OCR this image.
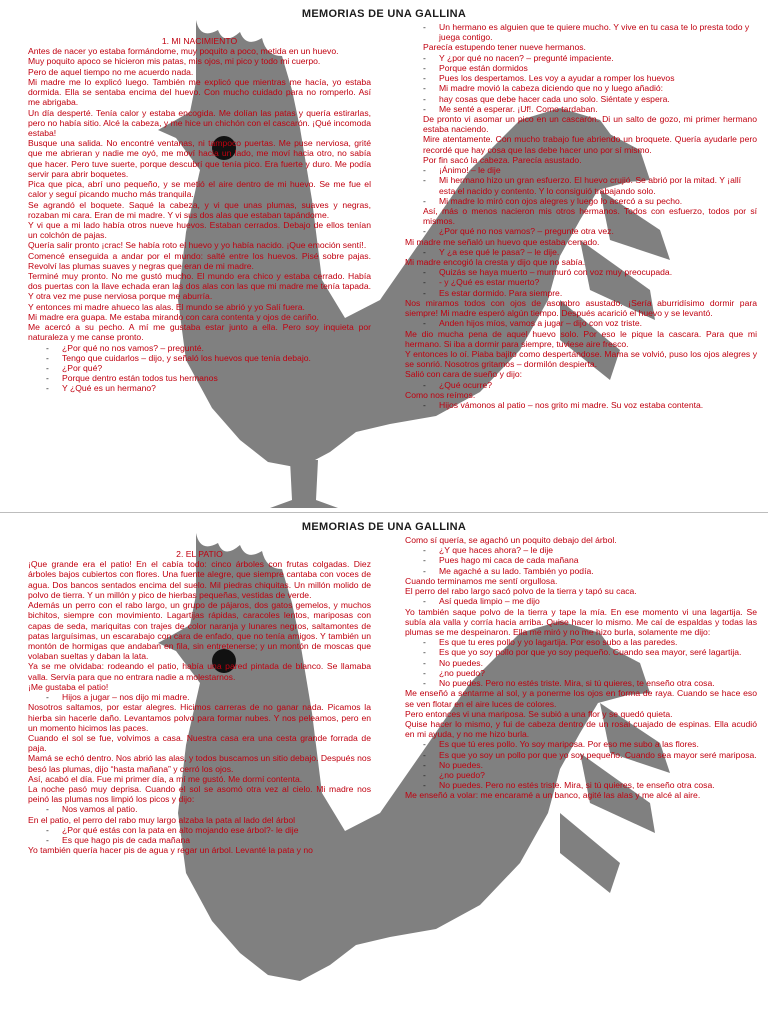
MEMORIAS DE UNA GALLINA

1. MI NACIMIENTO

Antes de nacer yo estaba formándome, muy poquito a poco, metida en un huevo.

Muy poquito apoco se hicieron mis patas, mis ojos, mi pico y todo mi cuerpo.

Pero de aquel tiempo no me acuerdo nada.

Mi madre me lo explicó luego. También me explicó que mientras me hacía, yo estaba dormida. Ella se sentaba encima del huevo. Con mucho cuidado para no romperlo. Así me abrigaba.

Un día desperté. Tenía calor y estaba encogida. Me dolían las patas y quería estirarlas, pero no había sitio. Alcé la cabeza, y me hice un chichón con el cascarón. ¡Qué incomoda estaba!

Busque una salida. No encontré ventanas, ni tampoco puertas. Me puse nerviosa, grité que me abrieran y nadie me oyó, me moví hacia un lado, me moví hacia otro, no sabía que hacer. Pero tuve suerte, porque descubrí que tenía pico. Era fuerte y duro. Me podía servir para abrir boquetes.

Pica que pica, abrí uno pequeño, y se metió el aire dentro de mi huevo. Se me fue el calor y seguí picando mucho más tranquila.

Se agrandó el boquete. Saqué la cabeza, y vi que unas plumas, suaves y negras, rozaban mi cara. Eran de mi madre. Y vi sus dos alas que estaban tapándome.

Y vi que a mi lado había otros nueve huevos. Estaban cerrados. Debajo de ellos tenían un colchón de pajas.

Quería salir pronto ¡crac! Se había roto el huevo y yo había nacido. ¡Que emoción sentí!.

Comencé enseguida a andar por el mundo: salté entre los huevos. Pisé sobre pajas. Revolví las plumas suaves y negras que eran de mi madre.

Terminé muy pronto. No me gustó mucho. El mundo era chico y estaba cerrado. Había dos puertas con la llave echada eran las dos alas con las que mi madre me tenía tapada. Y otra vez me puse nerviosa porque me aburría.

Y entonces mi madre ahueco las alas. El mundo se abrió y yo Salí fuera.

Mi madre era guapa. Me estaba mirando con cara contenta y ojos de cariño.

Me acercó a su pecho. A mí me gustaba estar junto a ella. Pero soy inquieta por naturaleza y me canse pronto.

- ¿Por qué no nos vamos? – pregunté.

- Tengo que cuidarlos – dijo, y señaló los huevos que tenía debajo.

- ¿Por qué?

- Porque dentro están todos tus hermanos

- Y ¿Qué es un hermano?

- Un hermano es alguien que te quiere mucho. Y vive en tu casa te lo presta todo y juega contigo.

Parecía estupendo tener nueve hermanos.

- Y ¿por qué no nacen? – pregunté impaciente.

- Porque están dormidos

- Pues los despertamos. Les voy a ayudar a romper los huevos

- Mi madre movió la cabeza diciendo que no y luego añadió:

- hay cosas que debe hacer cada uno solo. Siéntate y espera.

- Me senté a esperar. ¡Uf!. Como tardaban.

De pronto vi asomar un pico en un cascarón. Di un salto de gozo, mi primer hermano estaba naciendo.

Mire atentamente. Con mucho trabajo fue abriendo un broquete. Quería ayudarle pero recordé que hay cosa que las debe hacer uno por sí mismo.

Por fin sacó la cabeza. Parecía asustado.

- ¡Ánimo! – le dije

- Mi hermano hizo un gran esfuerzo. El huevo crujió. Se abrió por la mitad. Y ¡allí esta el nacido y contento. Y lo consiguió trabajando solo.

- Mi madre lo miró con ojos alegres y luego lo acercó a su pecho.

Así, más o menos nacieron mis otros hermanos. Todos con esfuerzo, todos por sí mismos.

- ¿Por qué no nos vamos? – pregunte otra vez.

Mi madre me señaló un huevo que estaba cerrado.

- Y ¿a ese qué le pasa? – le dije.

Mi madre encogió la cresta y dijo que no sabía.

- Quizás se haya muerto – murmuró con voz muy preocupada.

- - y ¿Qué es estar muerto?

- Es estar dormido. Para siempre.

Nos miramos todos con ojos de asombro asustado. ¡Sería aburridísimo dormir para siempre! Mi madre esperó algún tiempo. Después acarició el huevo y se levantó.

- Anden hijos míos, vamos a jugar – dijo con voz triste.

Me dio mucha pena de aquel huevo solo. Por eso le pique la cascara. Para que mi hermano. Si iba a dormir para siempre, tuviese aire fresco.

Y entonces lo oí. Piaba bajito como despertándose. Mama se volvió, puso los ojos alegres y se sonrió. Nosotros gritamos – dormilón despierta.

Salió con cara de sueño y dijo:

- ¿Qué ocurre?

Como nos reímos.

- Hijos vámonos al patio – nos grito mi madre. Su voz estaba contenta.

MEMORIAS DE UNA GALLINA

2. EL PATIO

¡Que grande era el patio! En el cabía todo: cinco árboles con frutas colgadas. Diez árboles bajos cubiertos con flores. Una fuente alegre, que siempre cantaba con voces de agua. Dos bancos sentados encima del suelo. Mil piedras chiquitas. Un millón molido de polvo de tierra. Y un millón y pico de hierbas pequeñas, vestidas de verde.

Además un perro con el rabo largo, un grupo de pájaros, dos gatos gemelos, y muchos bichitos, siempre con movimiento. Lagartijas rápidas, caracoles lentos, mariposas con capas de seda, mariquitas con trajes de color naranja y lunares negros, saltamontes de patas larguísimas, un escarabajo con cara de enfado, que no tenía amigos. Y también un montón de hormigas que andaban en fila, sin entretenerse; y un montón de moscas que volaban sueltas y daban la lata.

Ya se me olvidaba: rodeando el patio, había una pared pintada de blanco. Se llamaba valla. Servía para que no entrara nadie a molestarnos.

¡Me gustaba el patio!

- Hijos a jugar – nos dijo mi madre.

Nosotros saltamos, por estar alegres. Hicimos carreras de no ganar nada. Picamos la hierba sin hacerle daño. Levantamos polvo para formar nubes. Y nos peleamos, pero en un momento hicimos las paces.

Cuando el sol se fue, volvimos a casa. Nuestra casa era una cesta grande forrada de paja.

Mamá se echó dentro. Nos abrió las alas, y todos buscamos un sitio debajo. Después nos besó las plumas, dijo “hasta mañana” y cerró los ojos.

Así, acabó el día. Fue mi primer día, a mí me gustó. Me dormí contenta.

La noche pasó muy deprisa. Cuando el sol se asomó otra vez al cielo. Mi madre nos peinó las plumas nos limpió los picos y dijo:

- Nos vamos al patio.

En el patio, el perro del rabo muy largo alzaba la pata al lado del árbol

- ¿Por qué estás con la pata en alto mojando ese árbol?- le dije

- Es que hago pis de cada mañana

Yo también quería hacer pis de agua y regar un árbol. Levanté la pata y no

Como sí quería, se agachó un poquito debajo del árbol.

- ¿Y que haces ahora? – le dije

- Pues hago mi caca de cada mañana

- Me agaché a su lado. También yo podía.

Cuando terminamos me sentí orgullosa.

El perro del rabo largo sacó polvo de la tierra y tapó su caca.

- Así queda limpio – me dijo

Yo también saque polvo de la tierra y tape la mía. En ese momento vi una lagartija. Se subía ala valla y corría hacia arriba. Quise hacer lo mismo. Me caí de espaldas y todas las plumas se me despeinaron. Ella me miró y no me hizo burla, solamente me dijo:

- Es que tu eres pollo y yo lagartija. Por eso subo a las paredes.

- Es que yo soy pollo por que yo soy pequeño. Cuando sea mayor, seré lagartija.

- No puedes.

- ¿no puedo?

- No puedes. Pero no estés triste. Mira, si tú quieres, te enseño otra cosa.

Me enseñó a sentarme al sol, y a ponerme los ojos en forma de raya. Cuando se hace eso se ven flotar en el aire luces de colores.

Pero entonces vi una mariposa. Se subió a una flor y se quedó quieta.

Quise hacer lo mismo, y fui de cabeza dentro de un rosal cuajado de espinas. Ella acudió en mi ayuda, y no me hizo burla.

- Es que tú eres pollo. Yo soy mariposa. Por eso me subo a las flores.

- Es que yo soy un pollo por que yo soy pequeño. Cuando sea mayor seré mariposa.

- No puedes.

- ¿no puedo?

- No puedes. Pero no estés triste. Mira, si tú quieres, te enseño otra cosa.

Me enseñó a volar: me encaramé a un banco, agité las alas y me alcé al aire.
